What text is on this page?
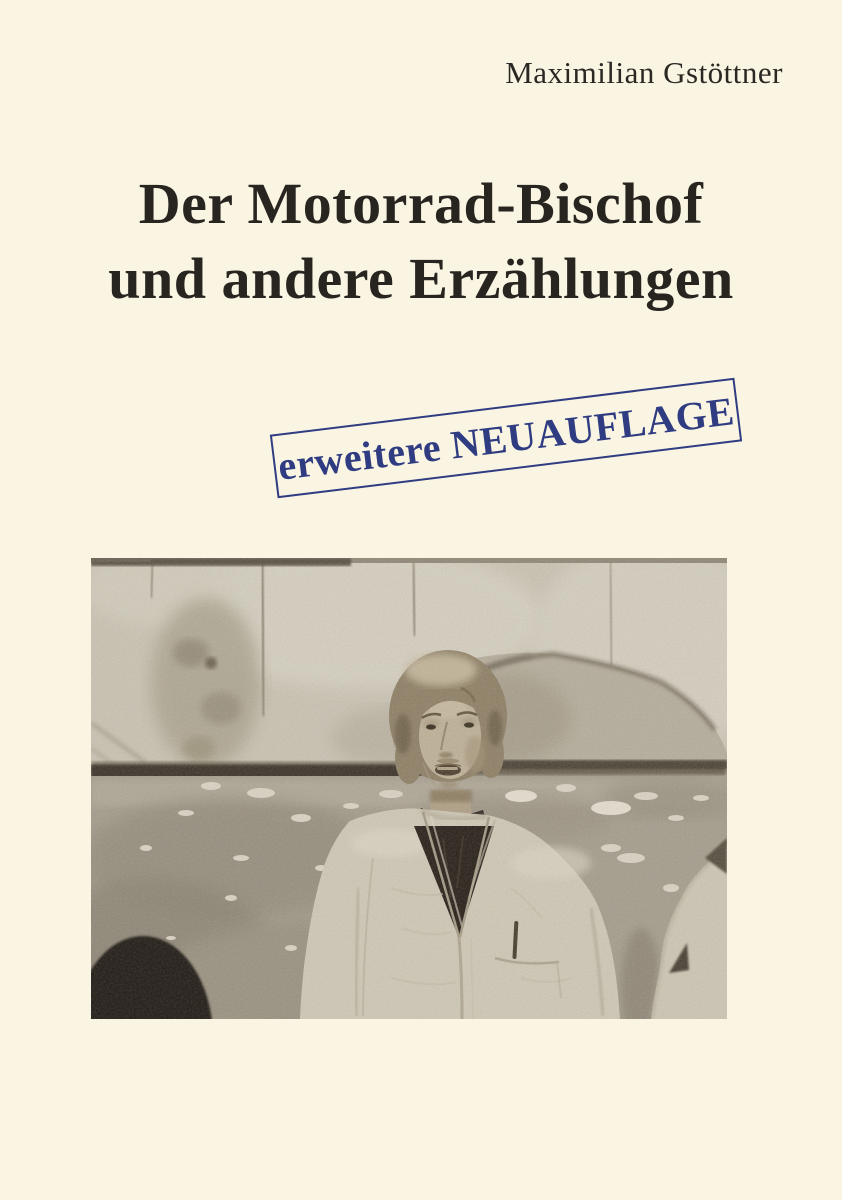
Maximilian Gstöttner
Der Motorrad-Bischof
und andere Erzählungen
erweitere NEUAUFLAGE
